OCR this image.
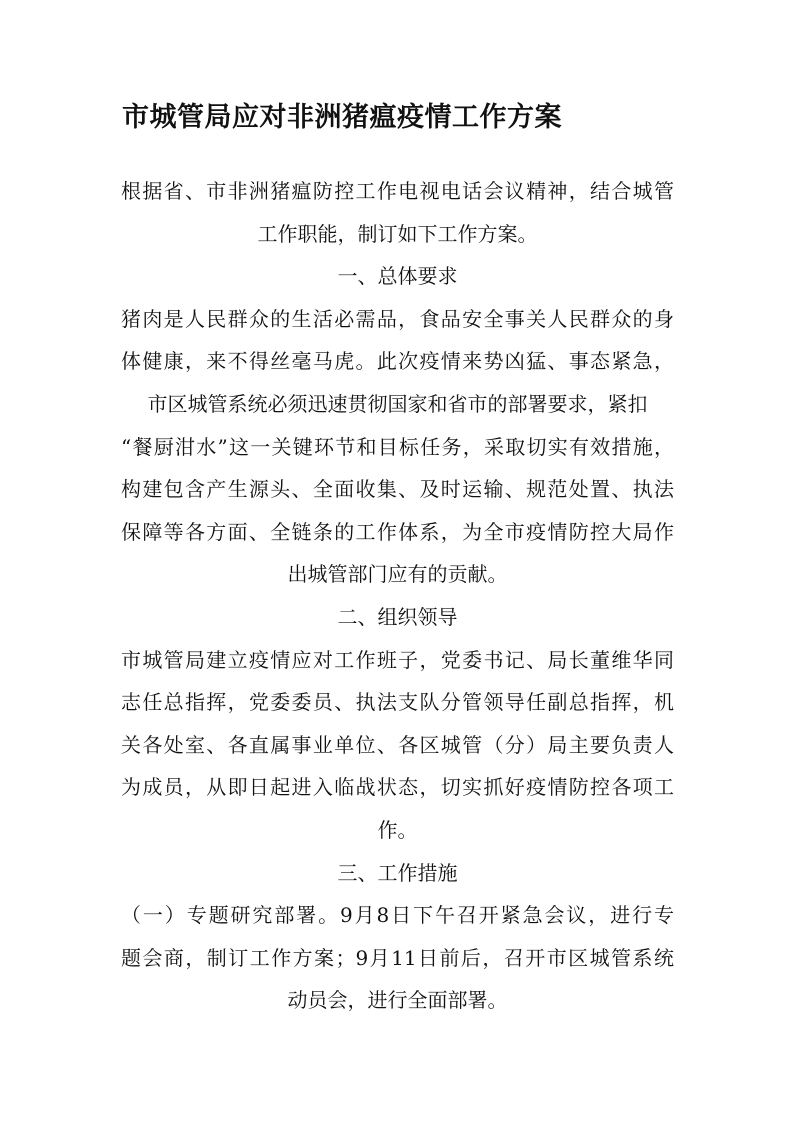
市城管局应对非洲猪瘟疫情工作方案

根据省、市非洲猪瘟防控工作电视电话会议精神，结合城管

工作职能，制订如下工作方案。

一、总体要求

猪肉是人民群众的生活必需品，食品安全事关人民群众的身

体健康，来不得丝毫马虎。此次疫情来势凶猛、事态紧急，

市区城管系统必须迅速贯彻国家和省市的部署要求，紧扣

“餐厨泔水”这一关键环节和目标任务，采取切实有效措施，

构建包含产生源头、全面收集、及时运输、规范处置、执法

保障等各方面、全链条的工作体系，为全市疫情防控大局作

出城管部门应有的贡献。

二、组织领导

市城管局建立疫情应对工作班子，党委书记、局长董维华同

志任总指挥，党委委员、执法支队分管领导任副总指挥，机

关各处室、各直属事业单位、各区城管（分）局主要负责人

为成员，从即日起进入临战状态，切实抓好疫情防控各项工

作。

三、工作措施

（一）专题研究部署。9月8日下午召开紧急会议，进行专

题会商，制订工作方案；9月11日前后，召开市区城管系统

动员会，进行全面部署。
